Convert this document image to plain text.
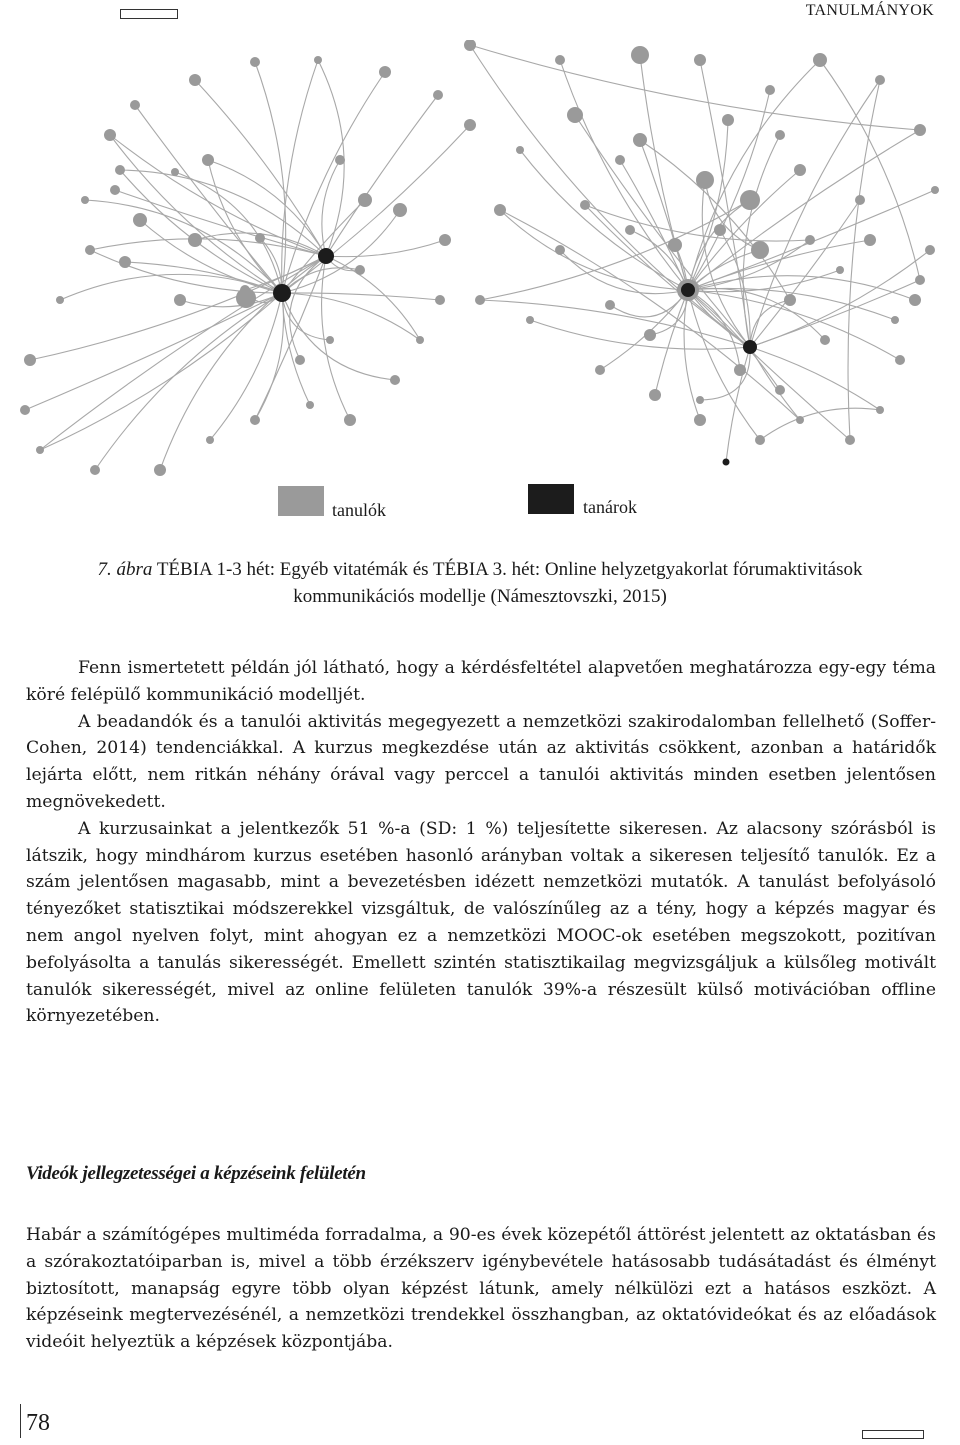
TANULMÁNYOK
tanulók	tanárok
7. ábra TÉBIA 1-3 hét: Egyéb vitatémák és TÉBIA 3. hét: Online helyzetgyakorlat fórumaktivitások kommunikációs modellje (Námesztovszki, 2015)

Fenn ismertetett példán jól látható, hogy a kérdésfeltétel alapvetően meghatározza egy-egy téma köré felépülő kommunikáció modelljét.

A beadandók és a tanulói aktivitás megegyezett a nemzetközi szakirodalomban fellelhető (Soffer-Cohen, 2014) tendenciákkal. A kurzus megkezdése után az aktivitás csökkent, azonban a határidők lejárta előtt, nem ritkán néhány órával vagy perccel a tanulói aktivitás minden esetben jelentősen megnövekedett.

A kurzusainkat a jelentkezők 51 %-a (SD: 1 %) teljesítette sikeresen. Az alacsony szórásból is látszik, hogy mindhárom kurzus esetében hasonló arányban voltak a sikeresen teljesítő tanulók. Ez a szám jelentősen magasabb, mint a bevezetésben idézett nemzetközi mutatók. A tanulást befolyásoló tényezőket statisztikai módszerekkel vizsgáltuk, de valószínűleg az a tény, hogy a képzés magyar és nem angol nyelven folyt, mint ahogyan ez a nemzetközi MOOC-ok esetében megszokott, pozitívan befolyásolta a tanulás sikerességét. Emellett szintén statisztikailag megvizsgáljuk a külsőleg motivált tanulók sikerességét, mivel az online felületen tanulók 39%-a részesült külső motivációban offline környezetében.

Videók jellegzetességei a képzéseink felületén

Habár a számítógépes multiméda forradalma, a 90-es évek közepétől áttörést jelentett az oktatásban és a szórakoztatóiparban is, mivel a több érzékszerv igénybevétele hatásosabb tudásátadást és élményt biztosított, manapság egyre több olyan képzést látunk, amely nélkülözi ezt a hatásos eszközt. A képzéseink megtervezésénél, a nemzetközi trendekkel összhangban, az oktatóvideókat és az előadások videóit helyeztük a képzések központjába.

78
